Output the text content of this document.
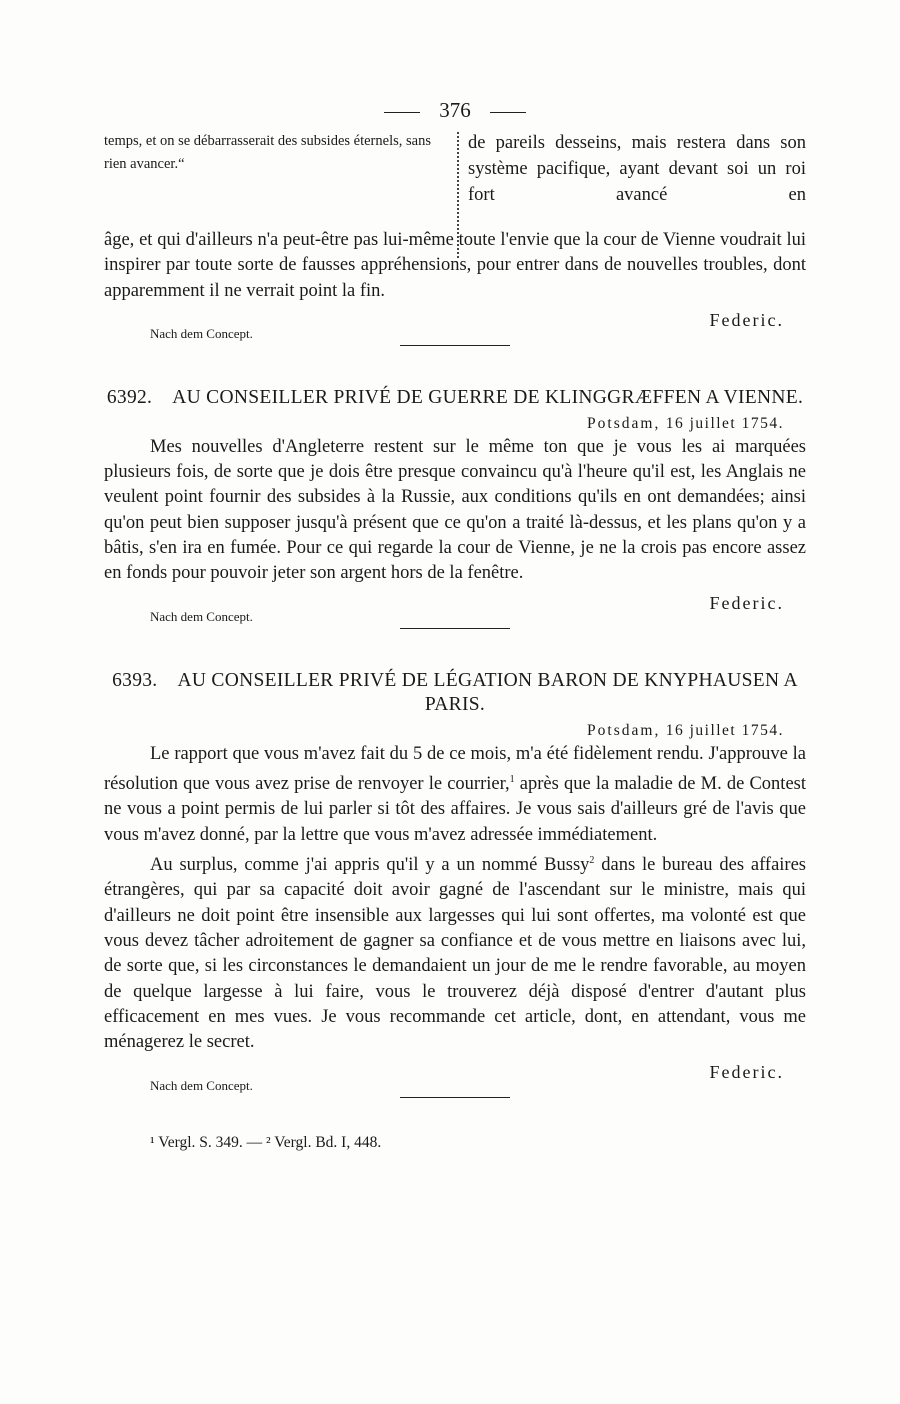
376
temps, et on se débarrasserait des subsides éternels, sans rien avancer.“
de pareils desseins, mais restera dans son système pacifique, ayant devant soi un roi fort avancé en

âge, et qui d'ailleurs n'a peut-être pas lui-même toute l'envie que la cour de Vienne voudrait lui inspirer par toute sorte de fausses appréhensions, pour entrer dans de nouvelles troubles, dont apparemment il ne verrait point la fin.

Nach dem Concept.
Federic.
6392. AU CONSEILLER PRIVÉ DE GUERRE DE KLINGGRÆFFEN A VIENNE.
Potsdam, 16 juillet 1754.

Mes nouvelles d'Angleterre restent sur le même ton que je vous les ai marquées plusieurs fois, de sorte que je dois être presque convaincu qu'à l'heure qu'il est, les Anglais ne veulent point fournir des subsides à la Russie, aux conditions qu'ils en ont demandées; ainsi qu'on peut bien supposer jusqu'à présent que ce qu'on a traité là-dessus, et les plans qu'on y a bâtis, s'en ira en fumée. Pour ce qui regarde la cour de Vienne, je ne la crois pas encore assez en fonds pour pouvoir jeter son argent hors de la fenêtre.

Nach dem Concept.
Federic.
6393. AU CONSEILLER PRIVÉ DE LÉGATION BARON DE KNYPHAUSEN A PARIS.
Potsdam, 16 juillet 1754.

Le rapport que vous m'avez fait du 5 de ce mois, m'a été fidèlement rendu. J'approuve la résolution que vous avez prise de renvoyer le courrier,$^1$ après que la maladie de M. de Contest ne vous a point permis de lui parler si tôt des affaires. Je vous sais d'ailleurs gré de l'avis que vous m'avez donné, par la lettre que vous m'avez adressée immédiatement.

Au surplus, comme j'ai appris qu'il y a un nommé Bussy$^2$ dans le bureau des affaires étrangères, qui par sa capacité doit avoir gagné de l'ascendant sur le ministre, mais qui d'ailleurs ne doit point être insensible aux largesses qui lui sont offertes, ma volonté est que vous devez tâcher adroitement de gagner sa confiance et de vous mettre en liaisons avec lui, de sorte que, si les circonstances le demandaient un jour de me le rendre favorable, au moyen de quelque largesse à lui faire, vous le trouverez déjà disposé d'entrer d'autant plus efficacement en mes vues. Je vous recommande cet article, dont, en attendant, vous me ménagerez le secret.

Nach dem Concept.
Federic.
¹ Vergl. S. 349. — ² Vergl. Bd. I, 448.
